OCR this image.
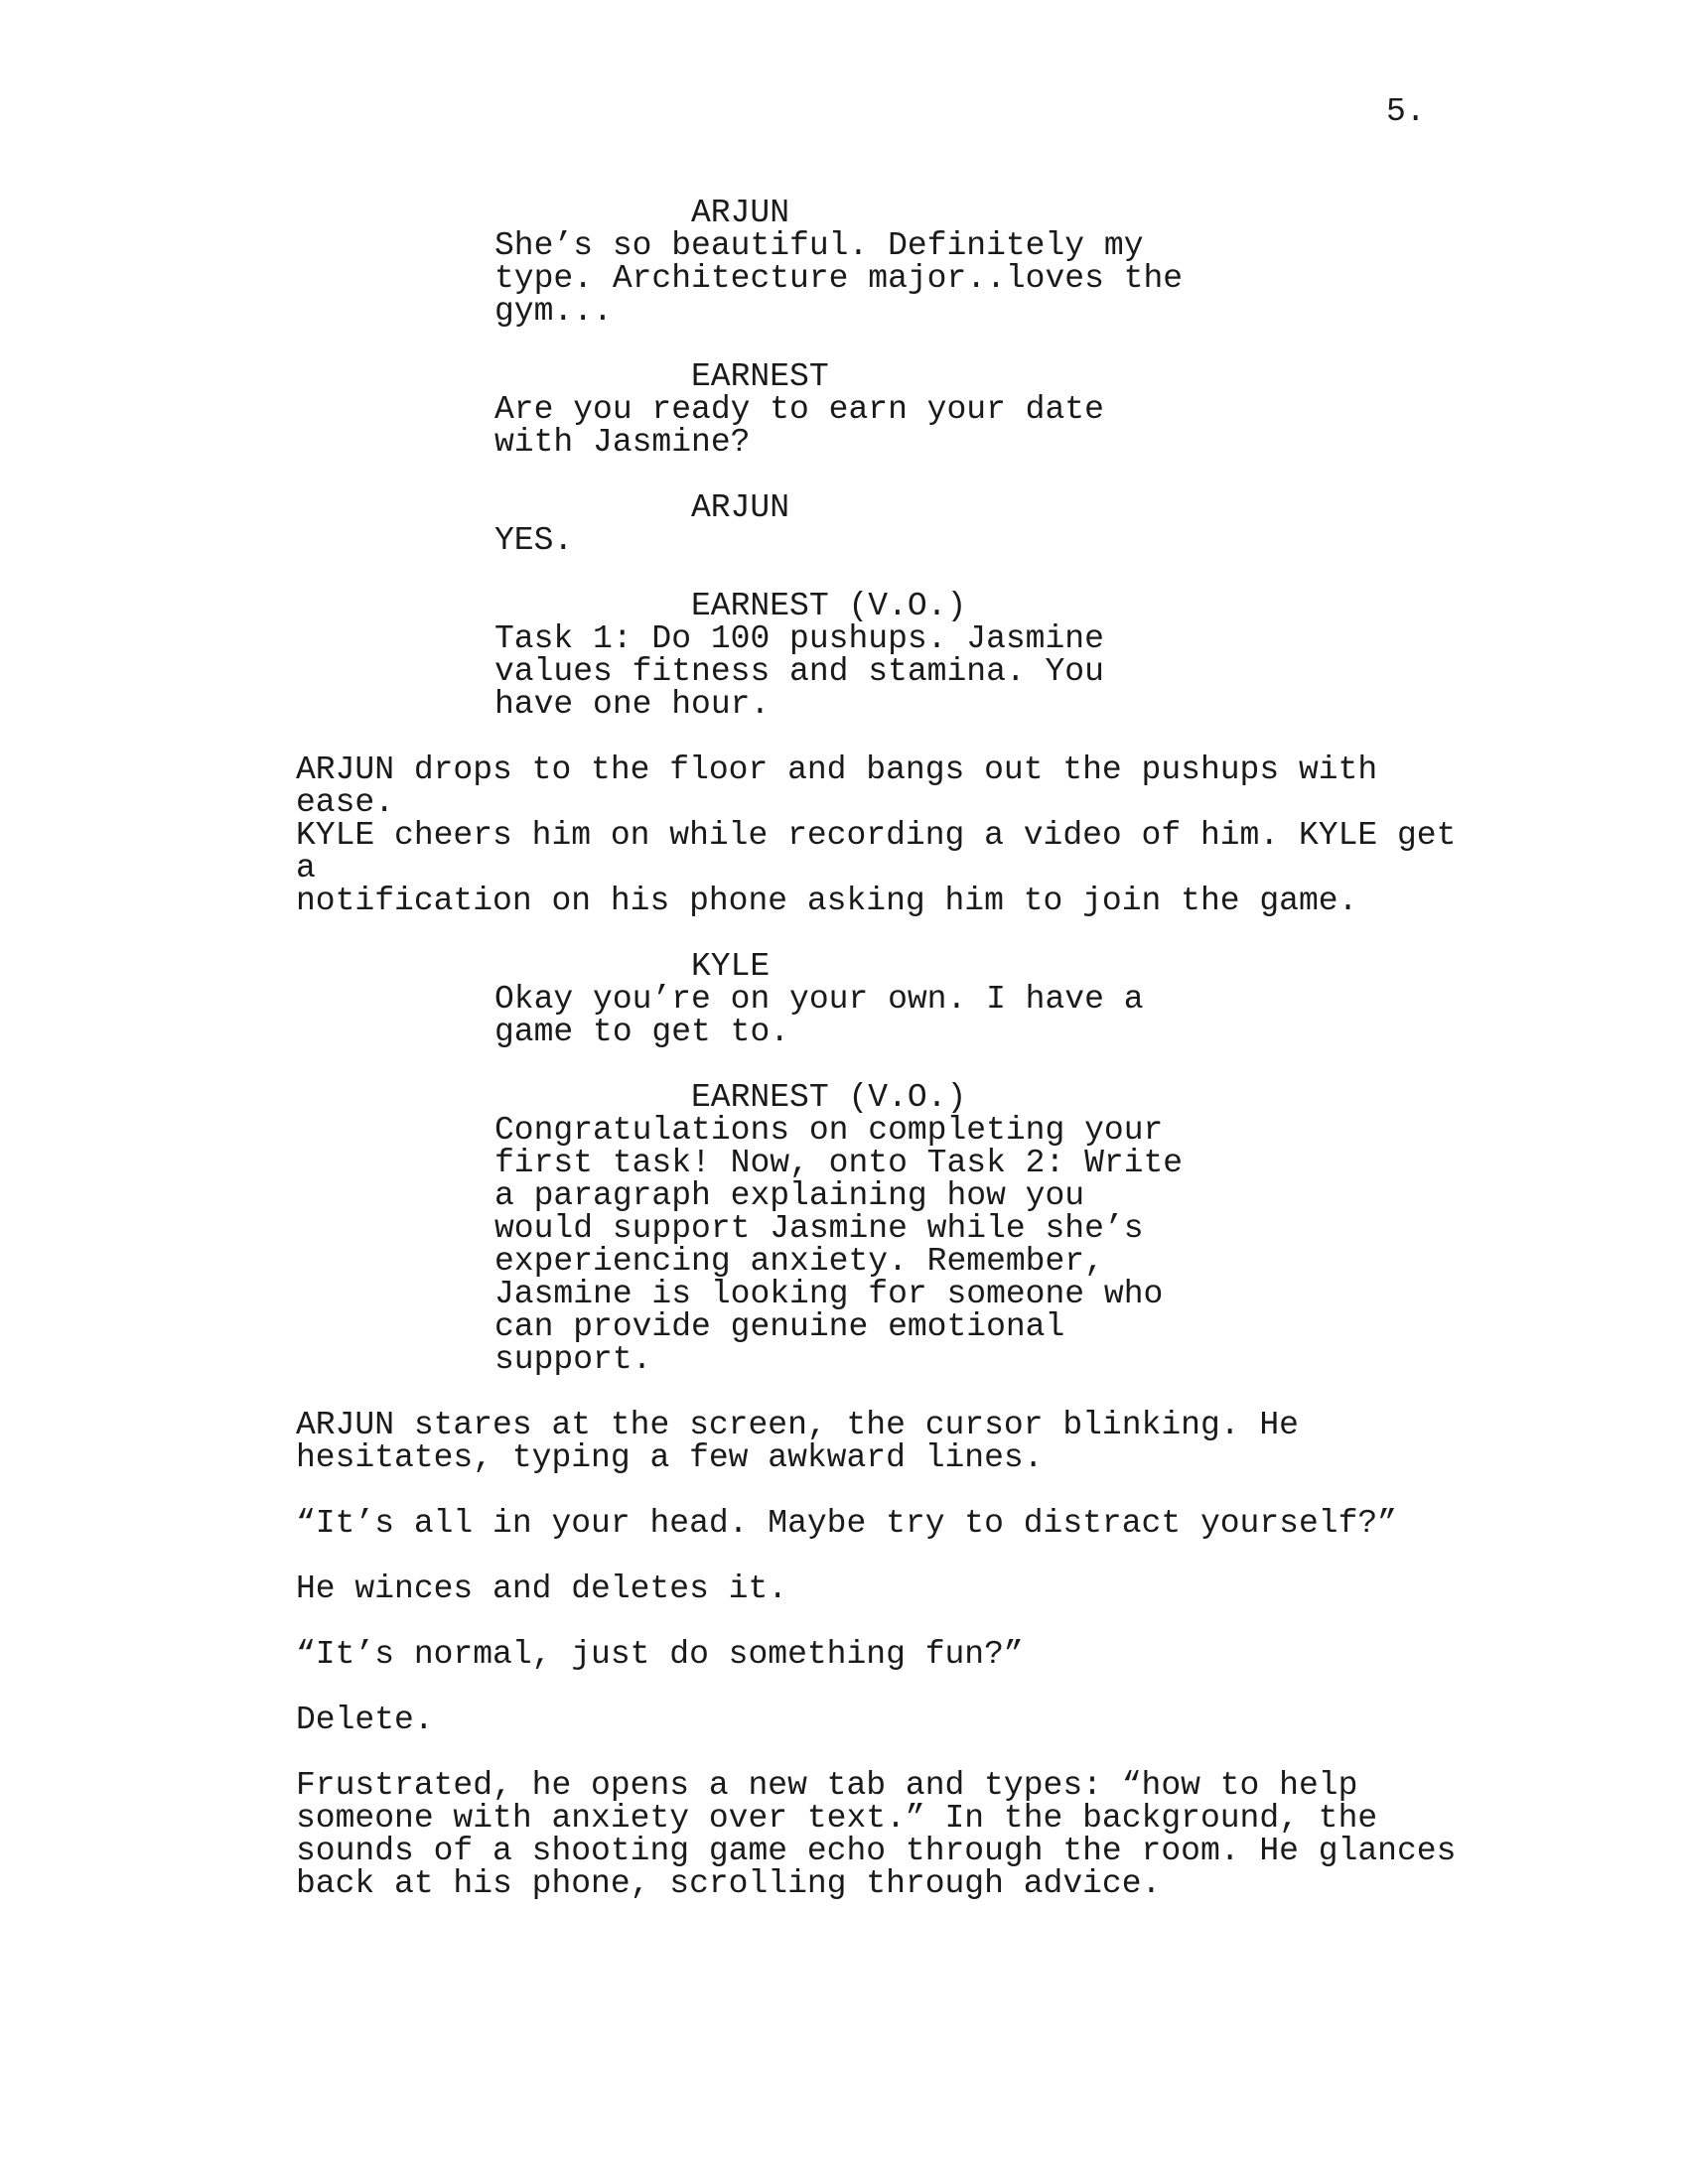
5.
ARJUN
She’s so beautiful. Definitely my
type. Architecture major..loves the
gym...
EARNEST
Are you ready to earn your date
with Jasmine?
ARJUN
YES.
EARNEST (V.O.)
Task 1: Do 100 pushups. Jasmine
values fitness and stamina. You
have one hour.
ARJUN drops to the floor and bangs out the pushups with ease.
KYLE cheers him on while recording a video of him. KYLE get a
notification on his phone asking him to join the game.
KYLE
Okay you’re on your own. I have a
game to get to.
EARNEST (V.O.)
Congratulations on completing your
first task! Now, onto Task 2: Write
a paragraph explaining how you
would support Jasmine while she’s
experiencing anxiety. Remember,
Jasmine is looking for someone who
can provide genuine emotional
support.
ARJUN stares at the screen, the cursor blinking. He
hesitates, typing a few awkward lines.
“It’s all in your head. Maybe try to distract yourself?”
He winces and deletes it.
“It’s normal, just do something fun?”
Delete.
Frustrated, he opens a new tab and types: “how to help
someone with anxiety over text.” In the background, the
sounds of a shooting game echo through the room. He glances
back at his phone, scrolling through advice.
